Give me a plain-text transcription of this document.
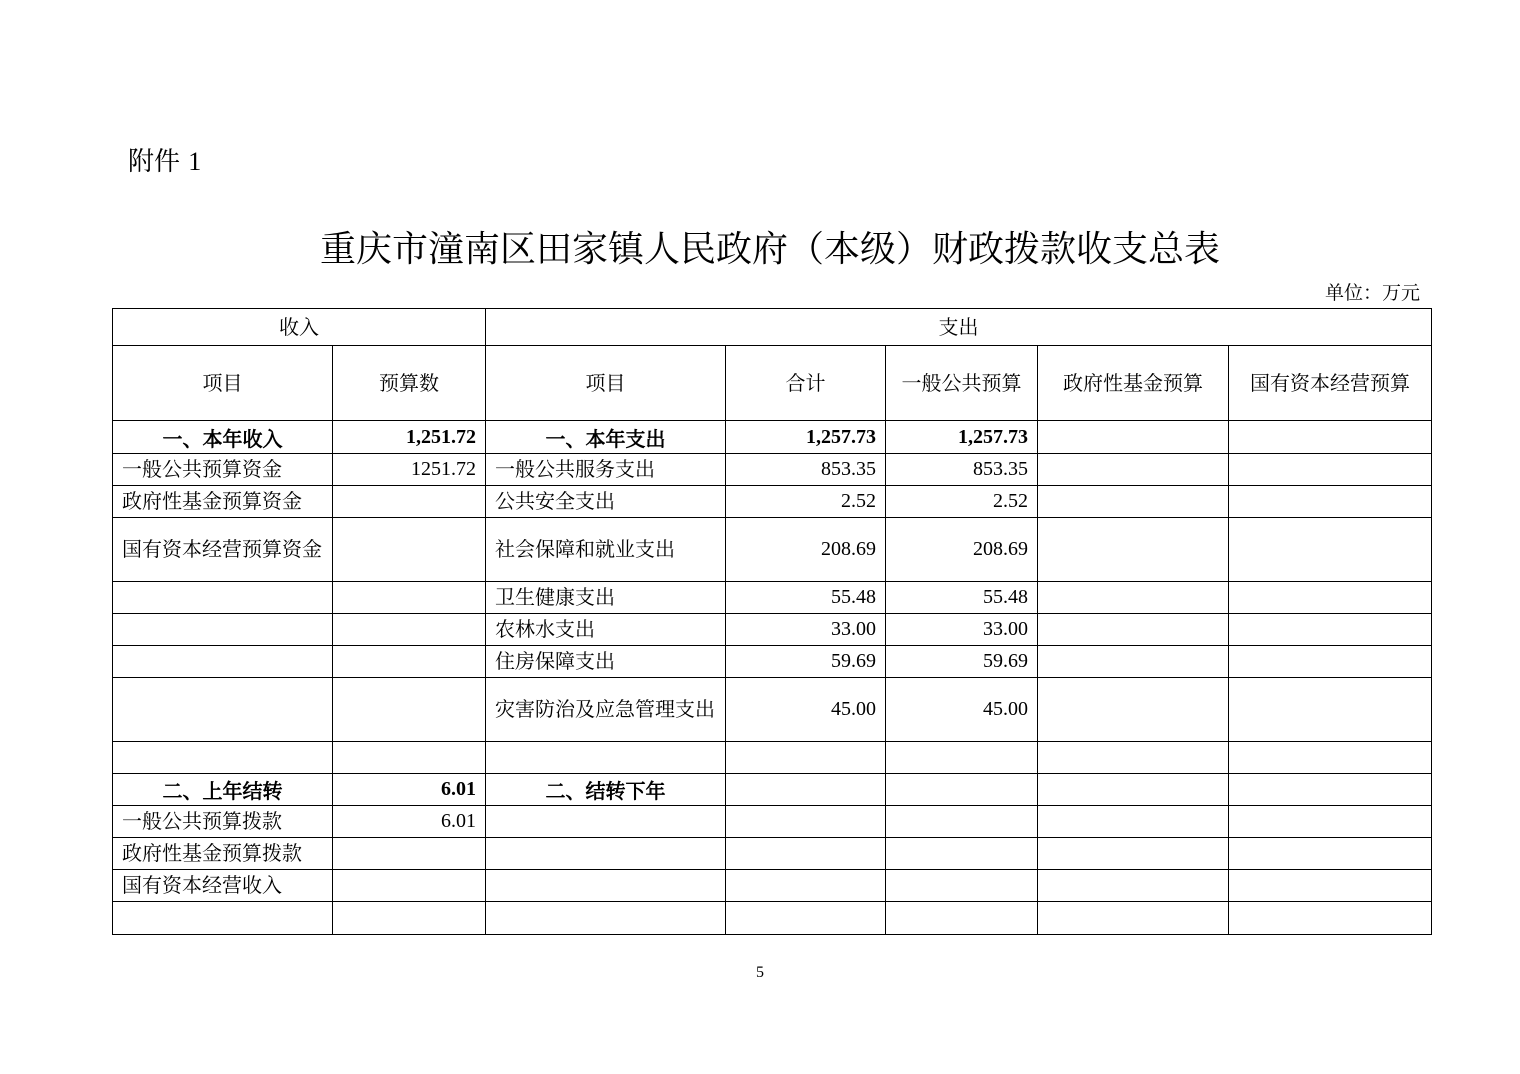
附件 1
重庆市潼南区田家镇人民政府（本级）财政拨款收支总表
单位：万元
收入		支出				
项目	预算数	项目	合计	一般公共预算	政府性基金预算	国有资本经营预算
一、本年收入	1,251.72	一、本年支出	1,257.73	1,257.73		
一般公共预算资金	1251.72	一般公共服务支出	853.35	853.35		
政府性基金预算资金		公共安全支出	2.52	2.52		
国有资本经营预算资金		社会保障和就业支出	208.69	208.69		
		卫生健康支出	55.48	55.48		
		农林水支出	33.00	33.00		
		住房保障支出	59.69	59.69		
		灾害防治及应急管理支出	45.00	45.00		

二、上年结转	6.01	二、结转下年				
一般公共预算拨款	6.01					
政府性基金预算拨款						
国有资本经营收入						

5
